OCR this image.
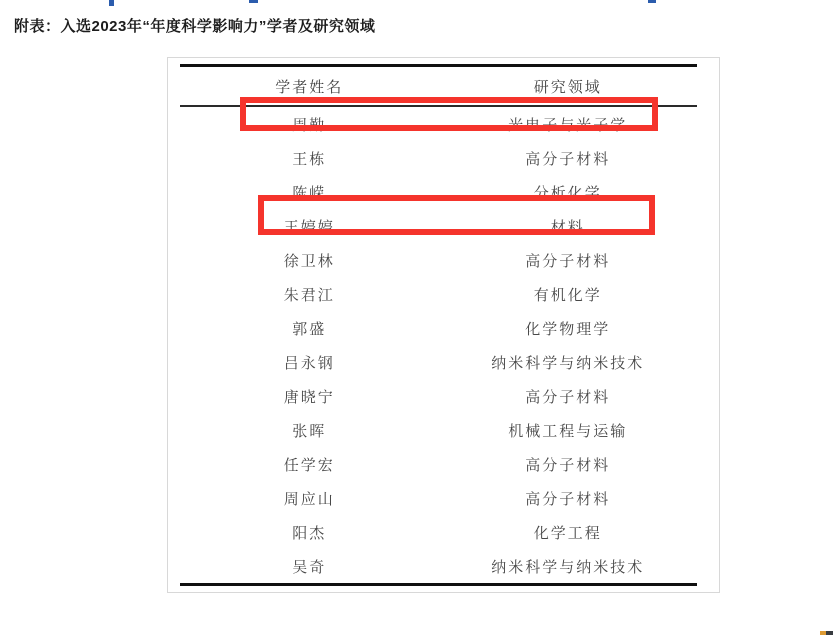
附表：入选2023年“年度科学影响力”学者及研究领域
学者姓名	研究领域
周勤	光电子与光子学
王栋	高分子材料
陈嵘	分析化学
王婷婷	材料
徐卫林	高分子材料
朱君江	有机化学
郭盛	化学物理学
吕永钢	纳米科学与纳米技术
唐晓宁	高分子材料
张晖	机械工程与运输
任学宏	高分子材料
周应山	高分子材料
阳杰	化学工程
吴奇	纳米科学与纳米技术
